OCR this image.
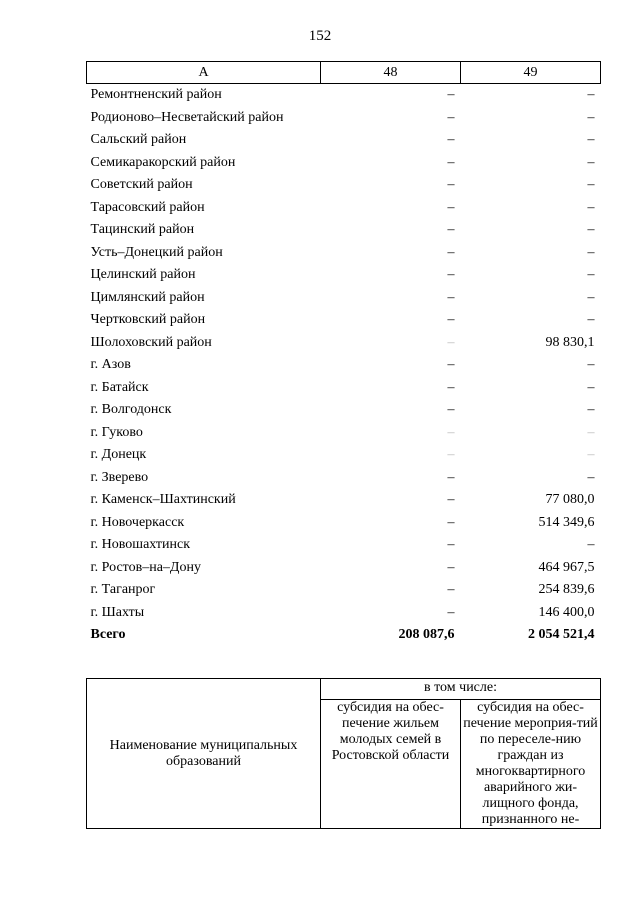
152
A	48	49
Ремонтненский район	–	–
Родионово–Несветайский район	–	–
Сальский район	–	–
Семикаракорский район	–	–
Советский район	–	–
Тарасовский район	–	–
Тацинский район	–	–
Усть–Донецкий район	–	–
Целинский район	–	–
Цимлянский район	–	–
Чертковский район	–	–
Шолоховский район	–	98 830,1
г. Азов	–	–
г. Батайск	–	–
г. Волгодонск	–	–
г. Гуково	–	–
г. Донецк	–	–
г. Зверево	–	–
г. Каменск–Шахтинский	–	77 080,0
г. Новочеркасск	–	514 349,6
г. Новошахтинск	–	–
г. Ростов–на–Дону	–	464 967,5
г. Таганрог	–	254 839,6
г. Шахты	–	146 400,0
Всего	208 087,6	2 054 521,4
Наименование муниципальных образований	в том числе:	
	субсидия на обес-печение жильем молодых семей в Ростовской области	субсидия на обес-печение мероприя-тий по переселе-нию граждан из многоквартирного аварийного жи-лищного фонда, признанного не-
